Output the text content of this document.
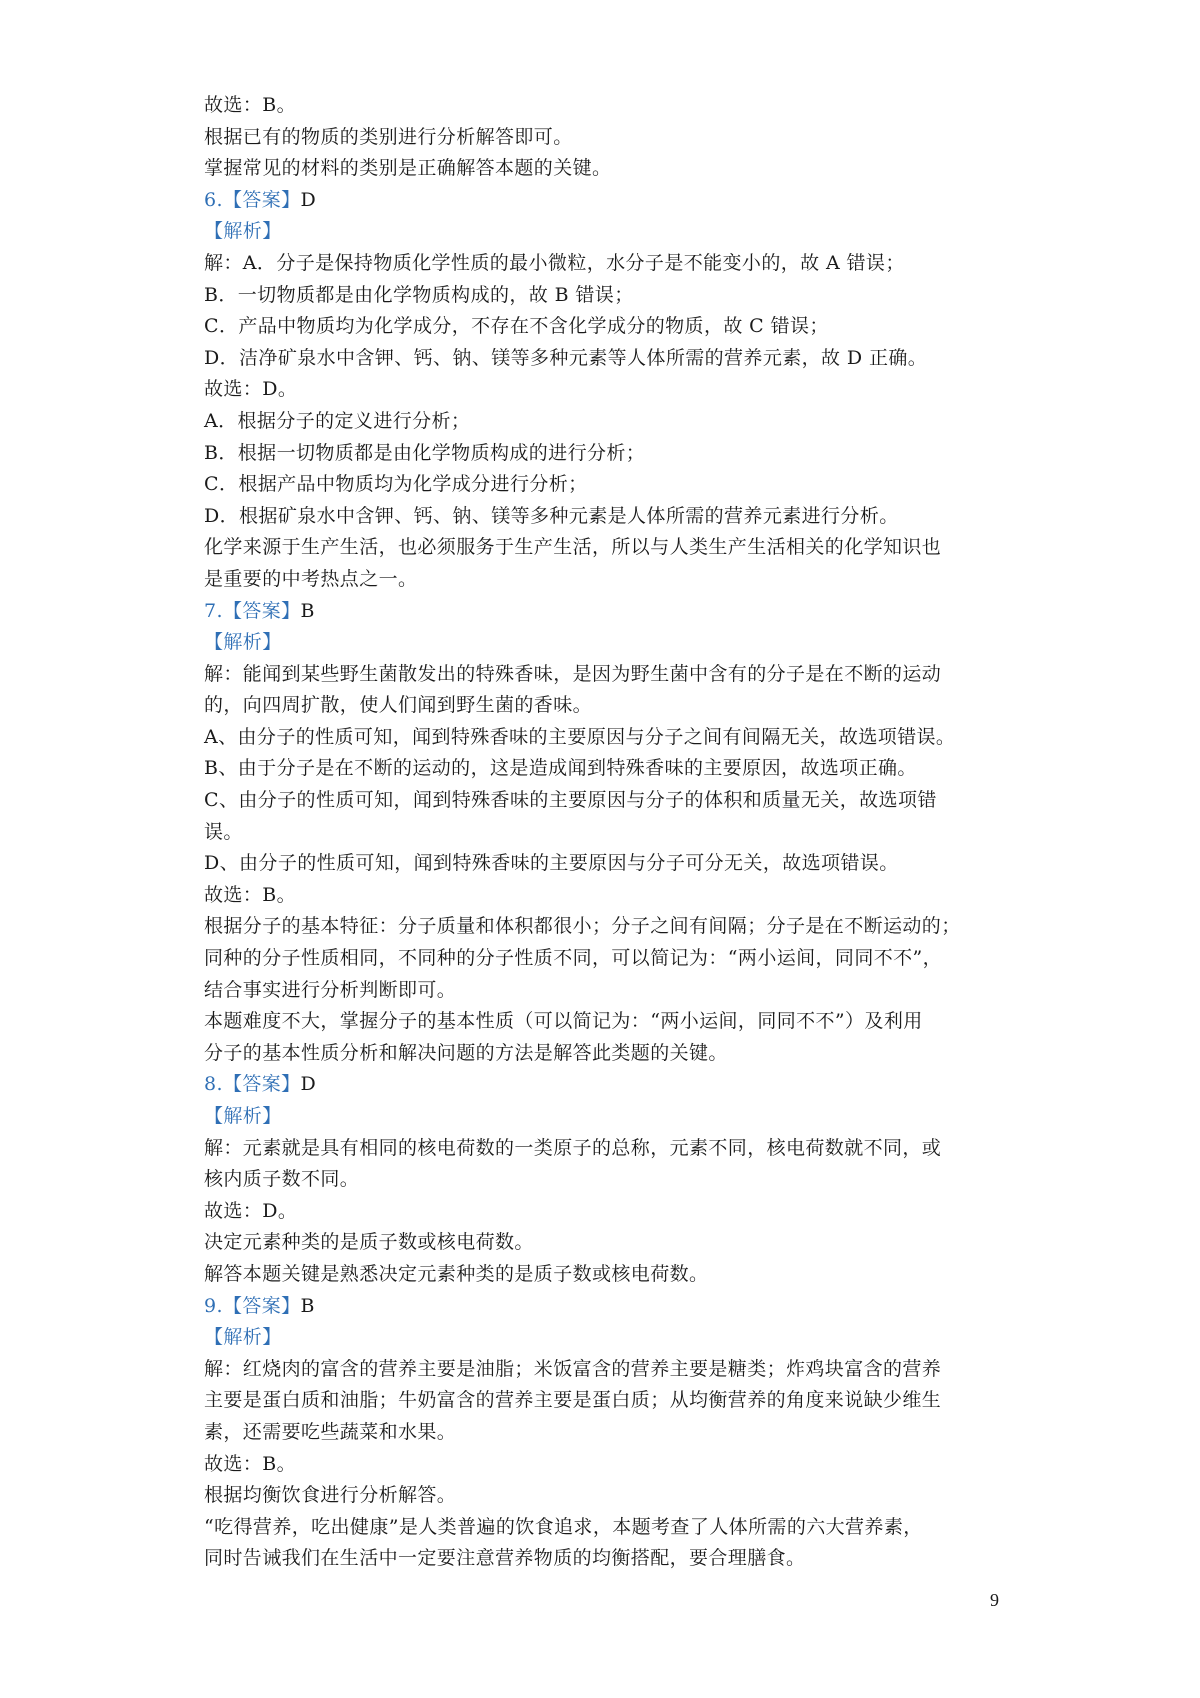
故选：B。
根据已有的物质的类别进行分析解答即可。
掌握常见的材料的类别是正确解答本题的关键。
6.【答案】D
【解析】
解：A．分子是保持物质化学性质的最小微粒，水分子是不能变小的，故 A 错误；
B．一切物质都是由化学物质构成的，故 B 错误；
C．产品中物质均为化学成分，不存在不含化学成分的物质，故 C 错误；
D．洁净矿泉水中含钾、钙、钠、镁等多种元素等人体所需的营养元素，故 D 正确。
故选：D。
A．根据分子的定义进行分析；
B．根据一切物质都是由化学物质构成的进行分析；
C．根据产品中物质均为化学成分进行分析；
D．根据矿泉水中含钾、钙、钠、镁等多种元素是人体所需的营养元素进行分析。
化学来源于生产生活，也必须服务于生产生活，所以与人类生产生活相关的化学知识也
是重要的中考热点之一。
7.【答案】B
【解析】
解：能闻到某些野生菌散发出的特殊香味，是因为野生菌中含有的分子是在不断的运动
的，向四周扩散，使人们闻到野生菌的香味。
A、由分子的性质可知，闻到特殊香味的主要原因与分子之间有间隔无关，故选项错误。
B、由于分子是在不断的运动的，这是造成闻到特殊香味的主要原因，故选项正确。
C、由分子的性质可知，闻到特殊香味的主要原因与分子的体积和质量无关，故选项错
误。
D、由分子的性质可知，闻到特殊香味的主要原因与分子可分无关，故选项错误。
故选：B。
根据分子的基本特征：分子质量和体积都很小；分子之间有间隔；分子是在不断运动的；
同种的分子性质相同，不同种的分子性质不同，可以简记为：“两小运间，同同不不”，
结合事实进行分析判断即可。
本题难度不大，掌握分子的基本性质（可以简记为：“两小运间，同同不不”）及利用
分子的基本性质分析和解决问题的方法是解答此类题的关键。
8.【答案】D
【解析】
解：元素就是具有相同的核电荷数的一类原子的总称，元素不同，核电荷数就不同，或
核内质子数不同。
故选：D。
决定元素种类的是质子数或核电荷数。
解答本题关键是熟悉决定元素种类的是质子数或核电荷数。
9.【答案】B
【解析】
解：红烧肉的富含的营养主要是油脂；米饭富含的营养主要是糖类；炸鸡块富含的营养
主要是蛋白质和油脂；牛奶富含的营养主要是蛋白质；从均衡营养的角度来说缺少维生
素，还需要吃些蔬菜和水果。
故选：B。
根据均衡饮食进行分析解答。
“吃得营养，吃出健康”是人类普遍的饮食追求，本题考查了人体所需的六大营养素，
同时告诫我们在生活中一定要注意营养物质的均衡搭配，要合理膳食。
9
